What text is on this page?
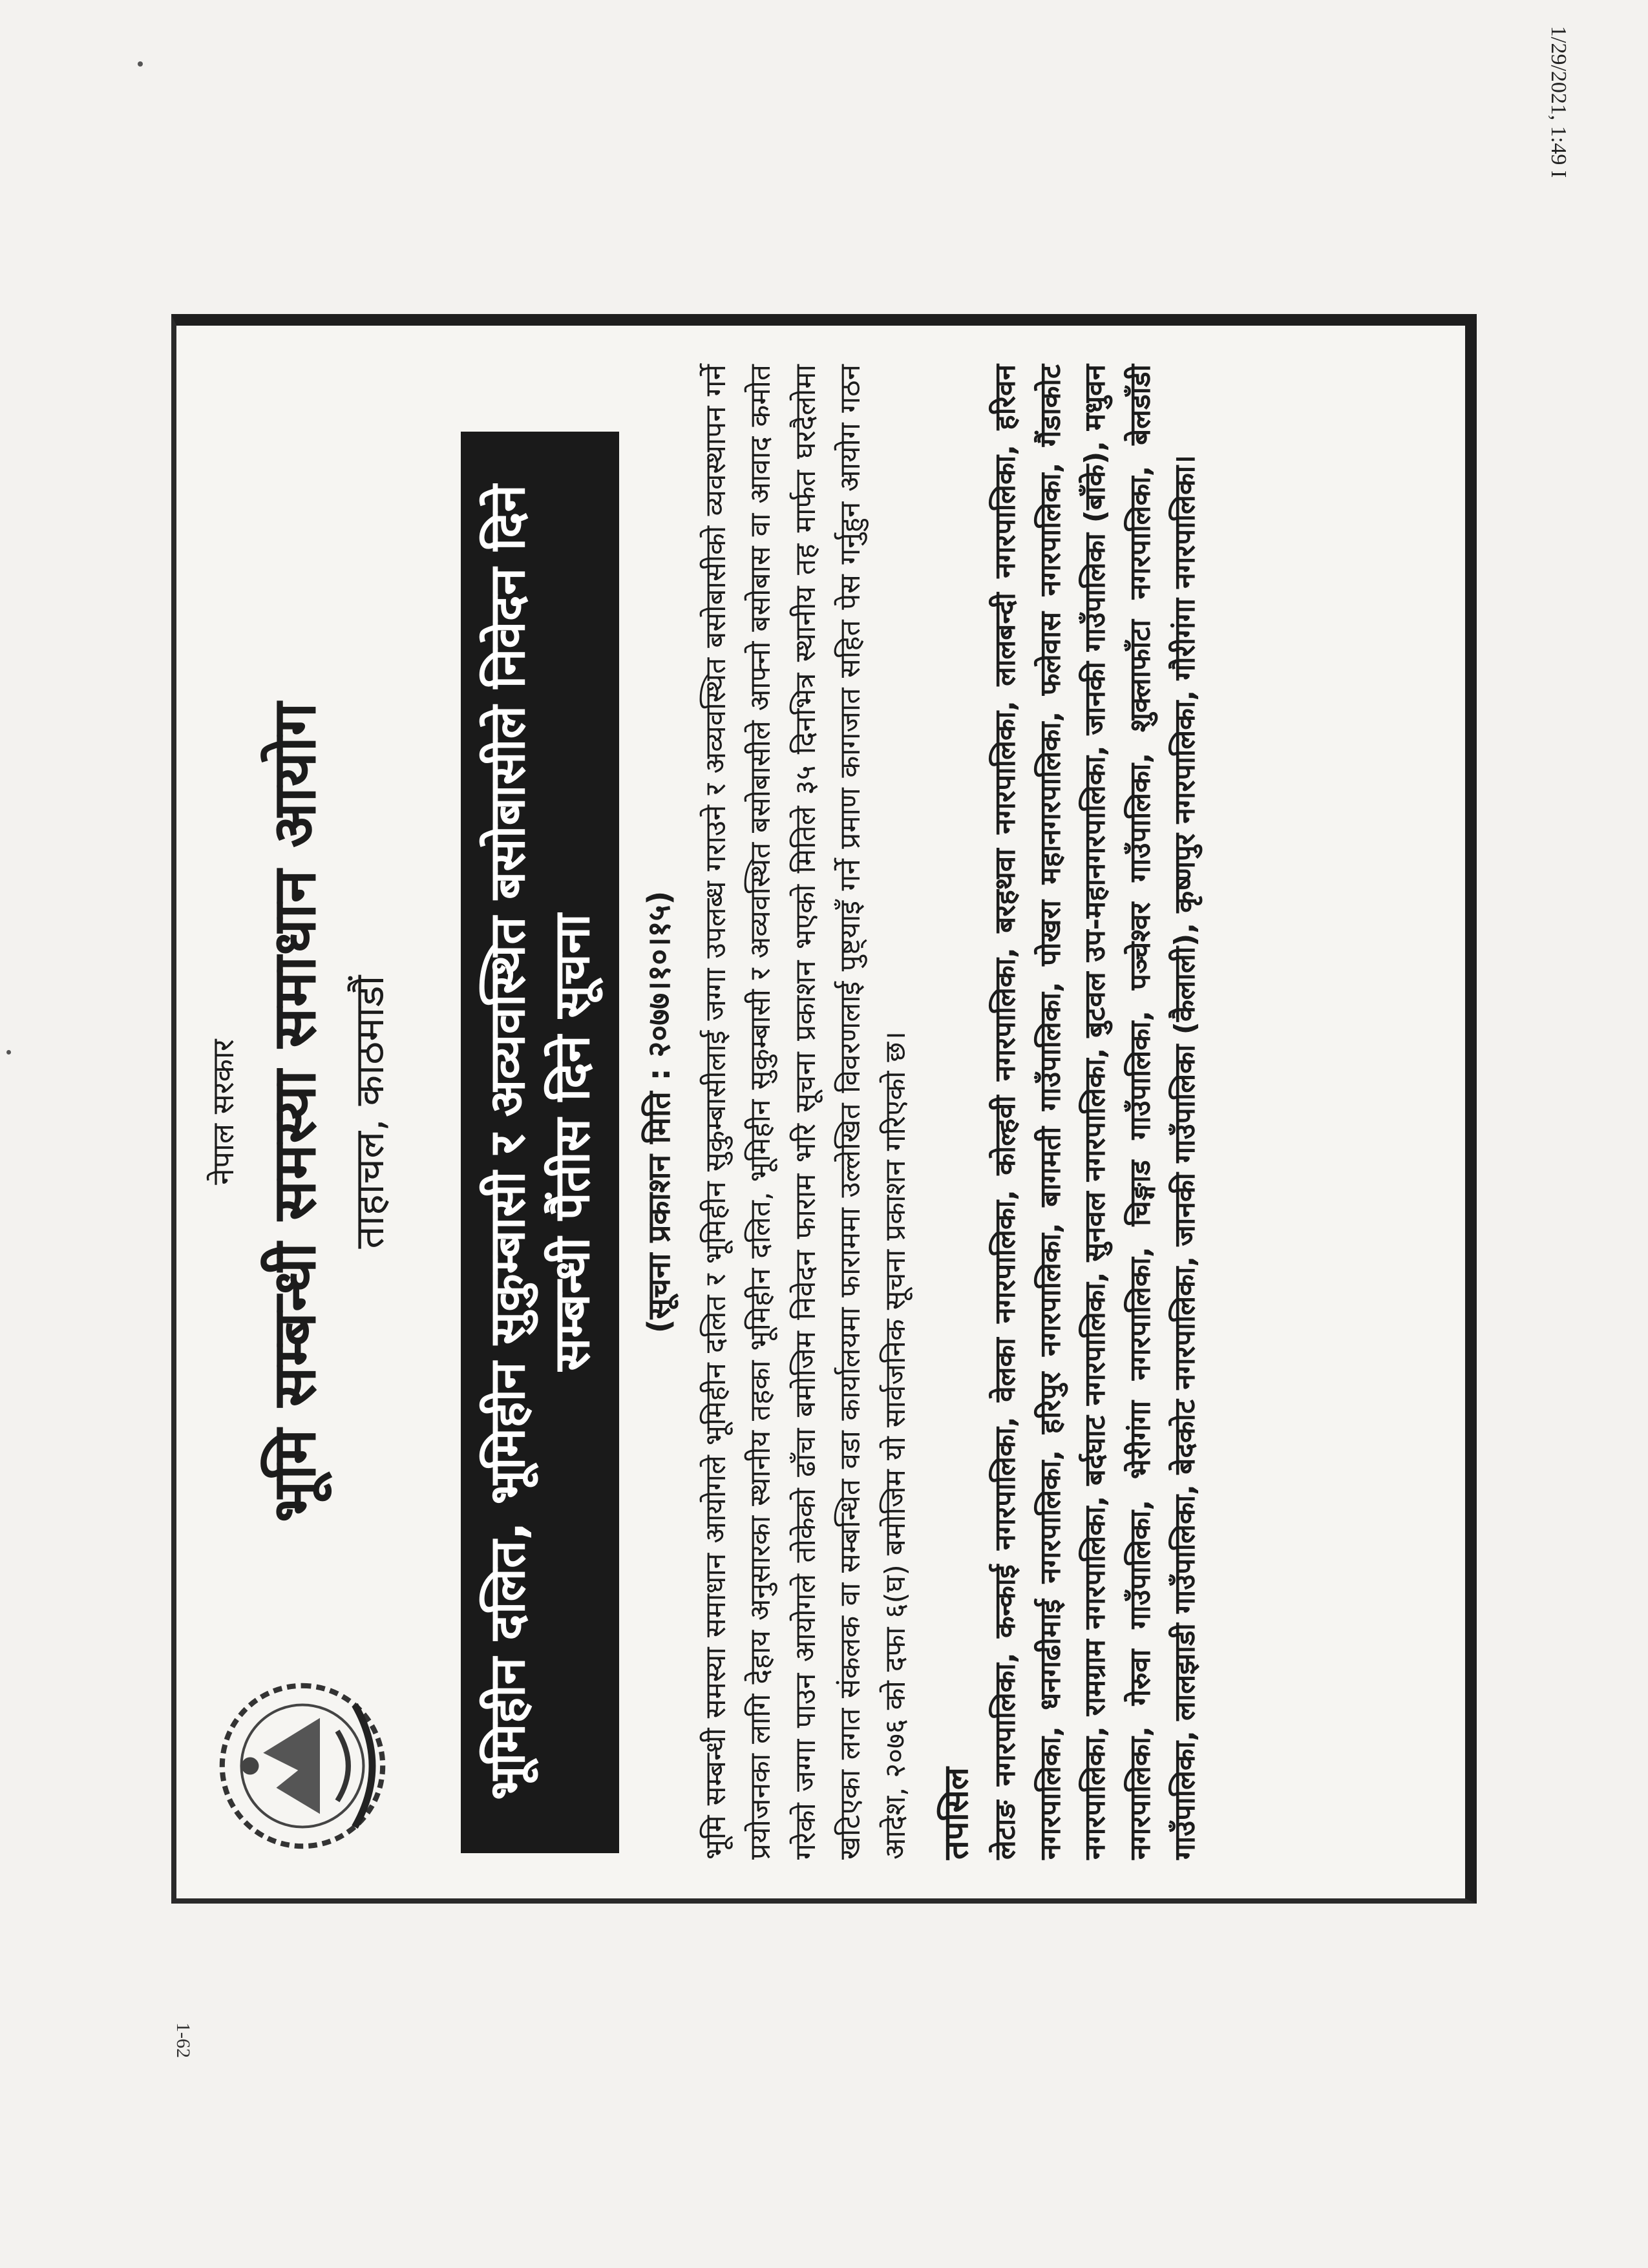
1/29/2021, 1:49 I
1-62
नेपाल सरकार भूमि सम्बन्धी समस्या समाधान आयोग ताहाचल, काठमाडौं	भूमिहीन दलित, भूमिहीन सुकुम्बासी र अव्यवस्थित बसोबासीले निवेदन दिने सम्बन्धी पैंतीस दिने सूचना	(सूचना प्रकाशन मिति : २०७७।१०।१५) भूमि सम्बन्धी समस्या समाधान आयोगले भूमिहीन दलित र भूमिहीन सुकुम्बासीलाई जग्गा उपलब्ध गराउने र अव्यवस्थित बसोबासीको व्यवस्थापन गर्ने प्रयोजनका लागि देहाय अनुसारका स्थानीय तहका भूमिहीन दलित, भूमिहीन सुकुम्बासी र अव्यवस्थित बसोबासीले आफ्नो बसोबास वा आवाद कमोत गरेको जग्गा पाउन आयोगले तोकेको ढाँचा बमोजिम निवेदन फाराम भरि सूचना प्रकाशन भएको मितिले ३५ दिनभित्र स्थानीय तह मार्फत घरदैलोमा खटिएका लगत संकलक वा सम्बन्धित वडा कार्यालयमा फाराममा उल्लेखित विवरणलाई पुष्ट्याइँ गर्ने प्रमाण कागजात सहित पेस गर्नुहुन आयोग गठन आदेश, २०७६ को दफा ६(घ) बमोजिम यो सार्वजनिक सूचना प्रकाशन गरिएको छ। तपसिल लेटाङ नगरपालिका, कन्काई नगरपालिका, वेलका नगरपालिका, कोल्हवी नगरपालिका, बरहथवा नगरपालिका, लालबन्दी नगरपालिका, हरिवन नगरपालिका, धनगढीमाई नगरपालिका, हरिपुर नगरपालिका, बागमती गाउँपालिका, पोखरा महानगरपालिका, फलेवास नगरपालिका, गैंडाकोट नगरपालिका, रामग्राम नगरपालिका, बर्दघाट नगरपालिका, सुनवल नगरपालिका, बुटवल उप-महानगरपालिका, जानकी गाउँपालिका (बाँके), मधुवन नगरपालिका, गेरुवा गाउँपालिका, भेरीगंगा नगरपालिका, चिङ्गाड गाउँपालिका, पञ्चेश्वर गाउँपालिका, शुक्लाफाँटा नगरपालिका, बेलडाँडी गाउँपालिका, लालझाडी गाउँपालिका, बेदकोट नगरपालिका, जानकी गाउँपालिका (कैलाली), कृष्णपुर नगरपालिका, गौरीगंगा नगरपालिका।
